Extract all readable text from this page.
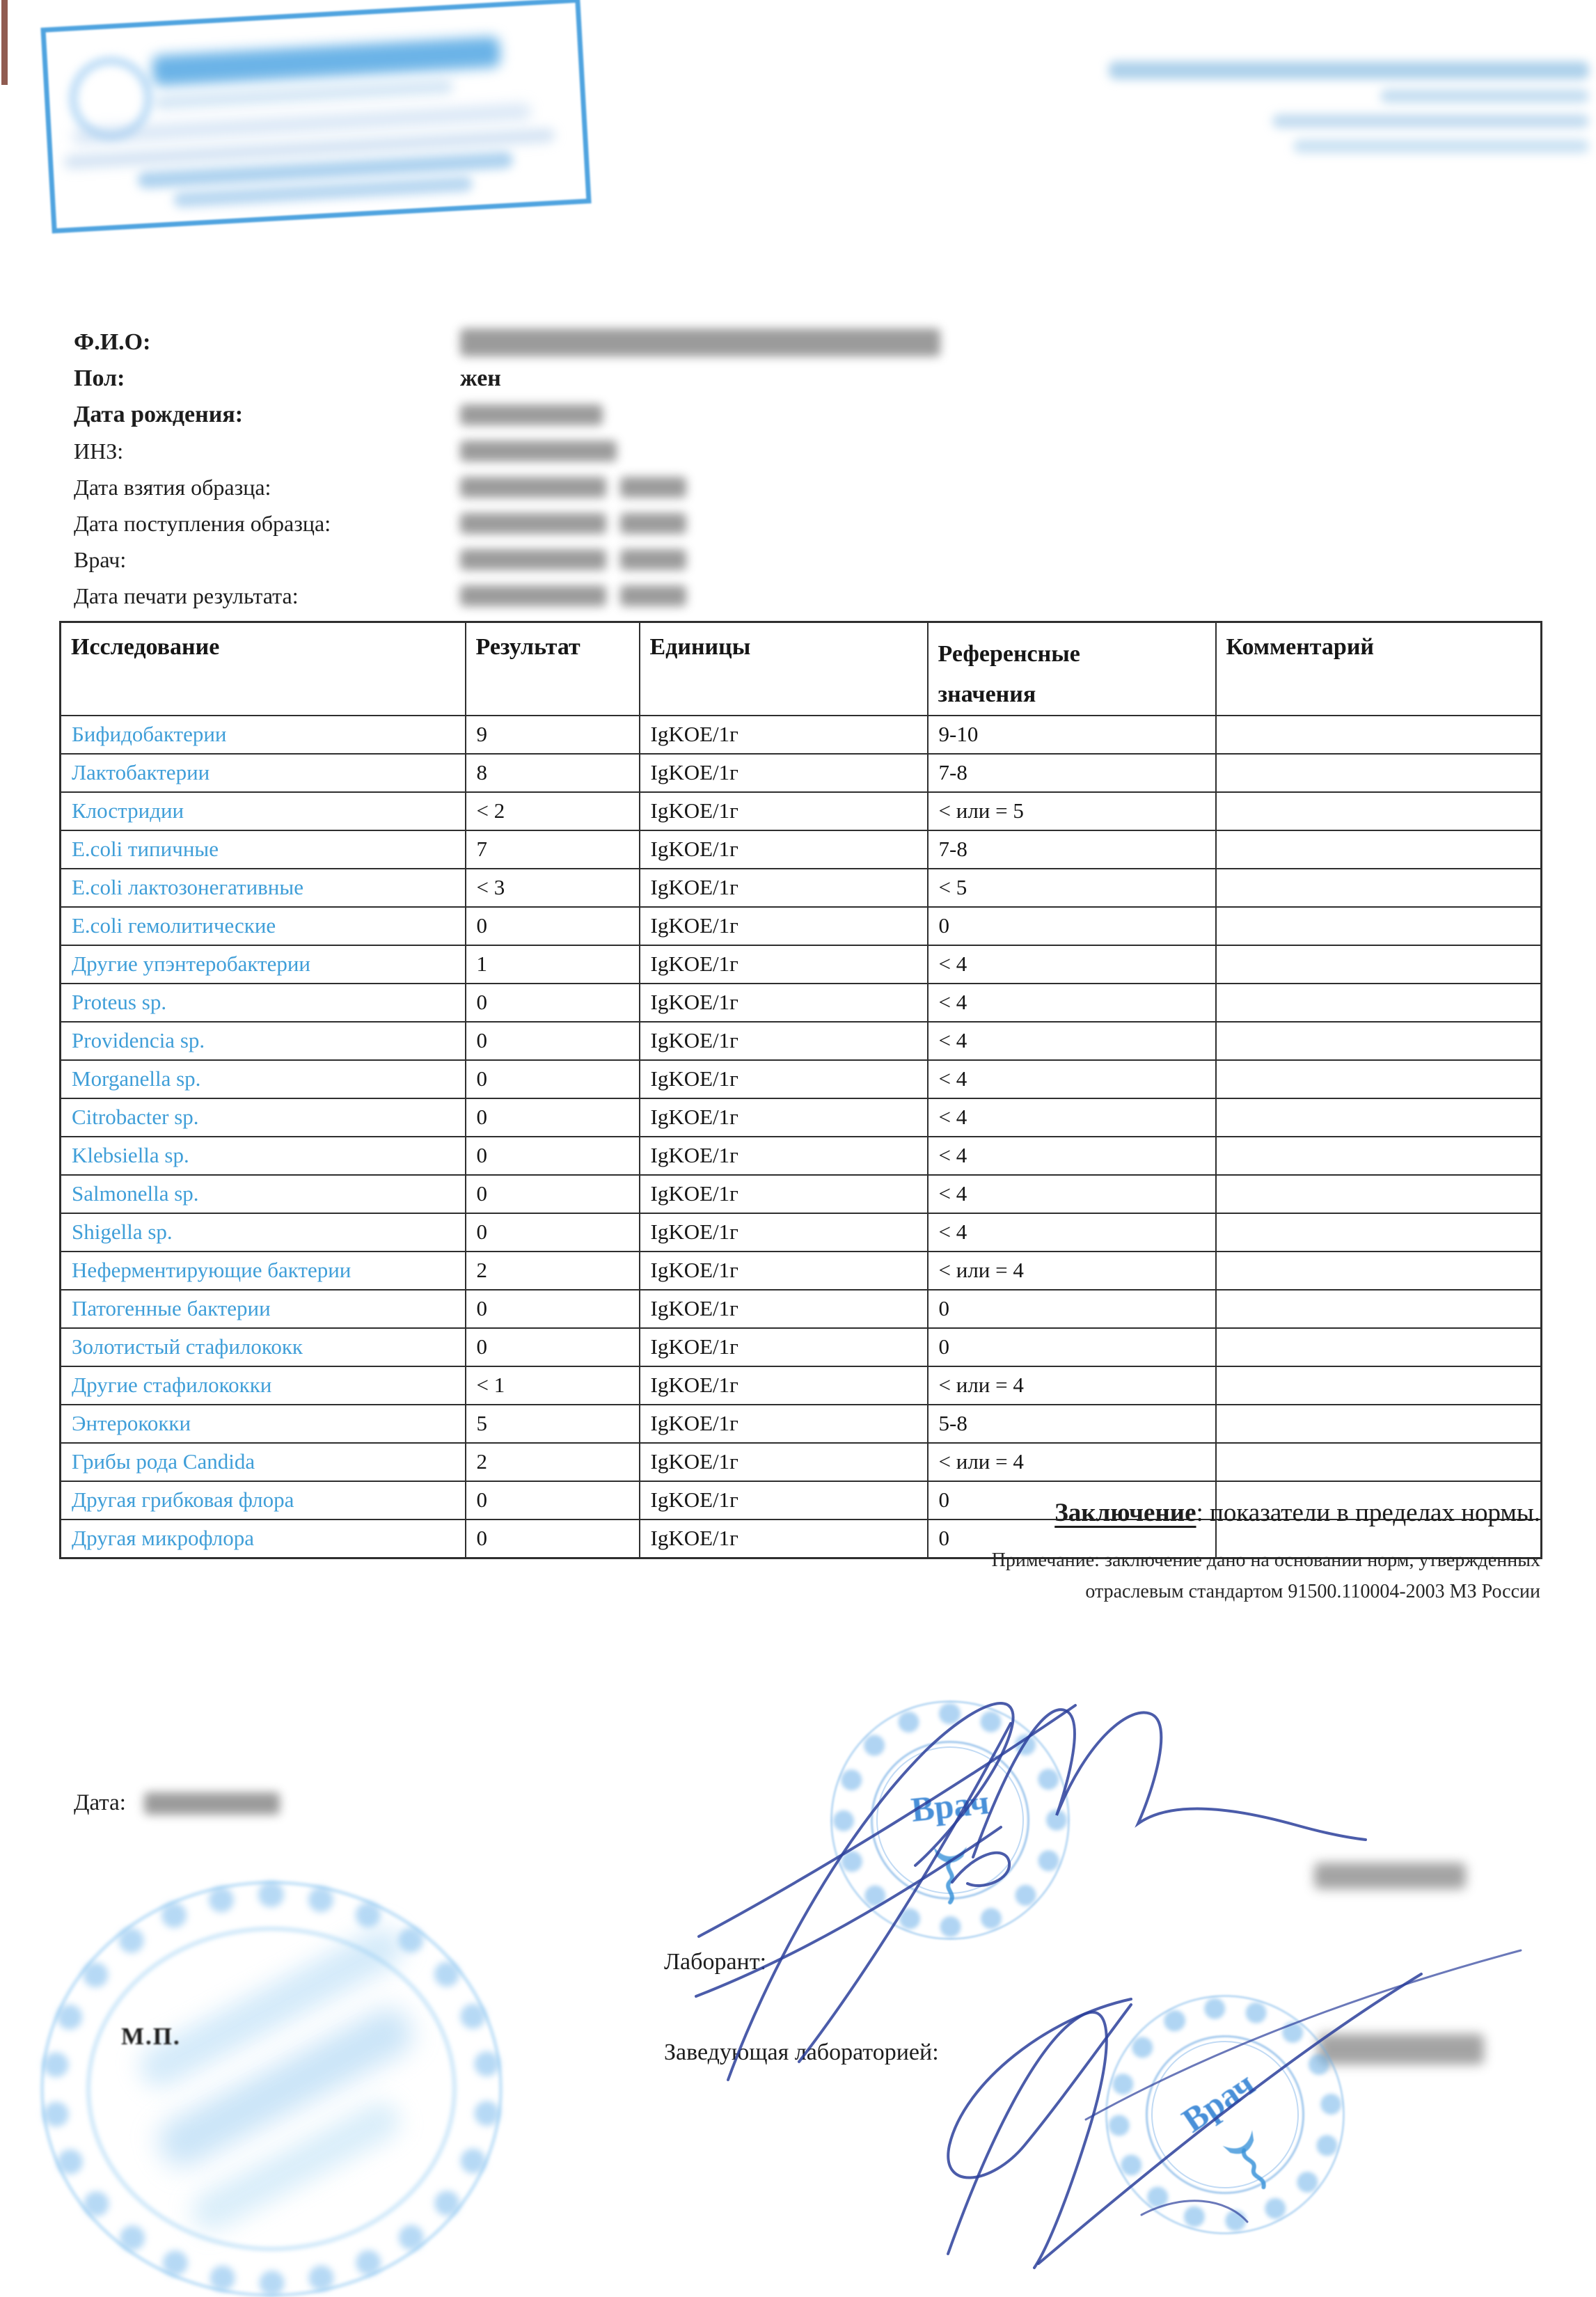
Ф.И.О:
Пол:	жен
Дата рождения:
ИНЗ:
Дата взятия образца:
Дата поступления образца:
Врач:
Дата печати результата:
Исследование	Результат	Единицы	Референсные значения	Комментарий
Бифидобактерии	9	IgKOE/1г	9-10	
Лактобактерии	8	IgKOE/1г	7-8	
Клостридии	< 2	IgKOE/1г	< или = 5	
E.coli типичные	7	IgKOE/1г	7-8	
E.coli лактозонегативные	< 3	IgKOE/1г	< 5	
E.coli гемолитические	0	IgKOE/1г	0	
Другие упэнтеробактерии	1	IgKOE/1г	< 4	
Proteus sp.	0	IgKOE/1г	< 4	
Providencia sp.	0	IgKOE/1г	< 4	
Morganella sp.	0	IgKOE/1г	< 4	
Citrobacter sp.	0	IgKOE/1г	< 4	
Klebsiella sp.	0	IgKOE/1г	< 4	
Salmonella sp.	0	IgKOE/1г	< 4	
Shigella sp.	0	IgKOE/1г	< 4	
Неферментирующие бактерии	2	IgKOE/1г	< или = 4	
Патогенные бактерии	0	IgKOE/1г	0	
Золотистый стафилококк	0	IgKOE/1г	0	
Другие стафилококки	< 1	IgKOE/1г	< или = 4	
Энтерококки	5	IgKOE/1г	5-8	
Грибы рода Candida	2	IgKOE/1г	< или = 4	
Другая грибковая флора	0	IgKOE/1г	0	
Другая микрофлора	0	IgKOE/1г	0	
Заключение: показатели в пределах нормы.
Примечание: заключение дано на основании норм, утвержденных
отраслевым стандартом 91500.110004-2003 МЗ России
Дата:
Лаборант:
Заведующая лабораторией:
М.П.
Врач
Врач
